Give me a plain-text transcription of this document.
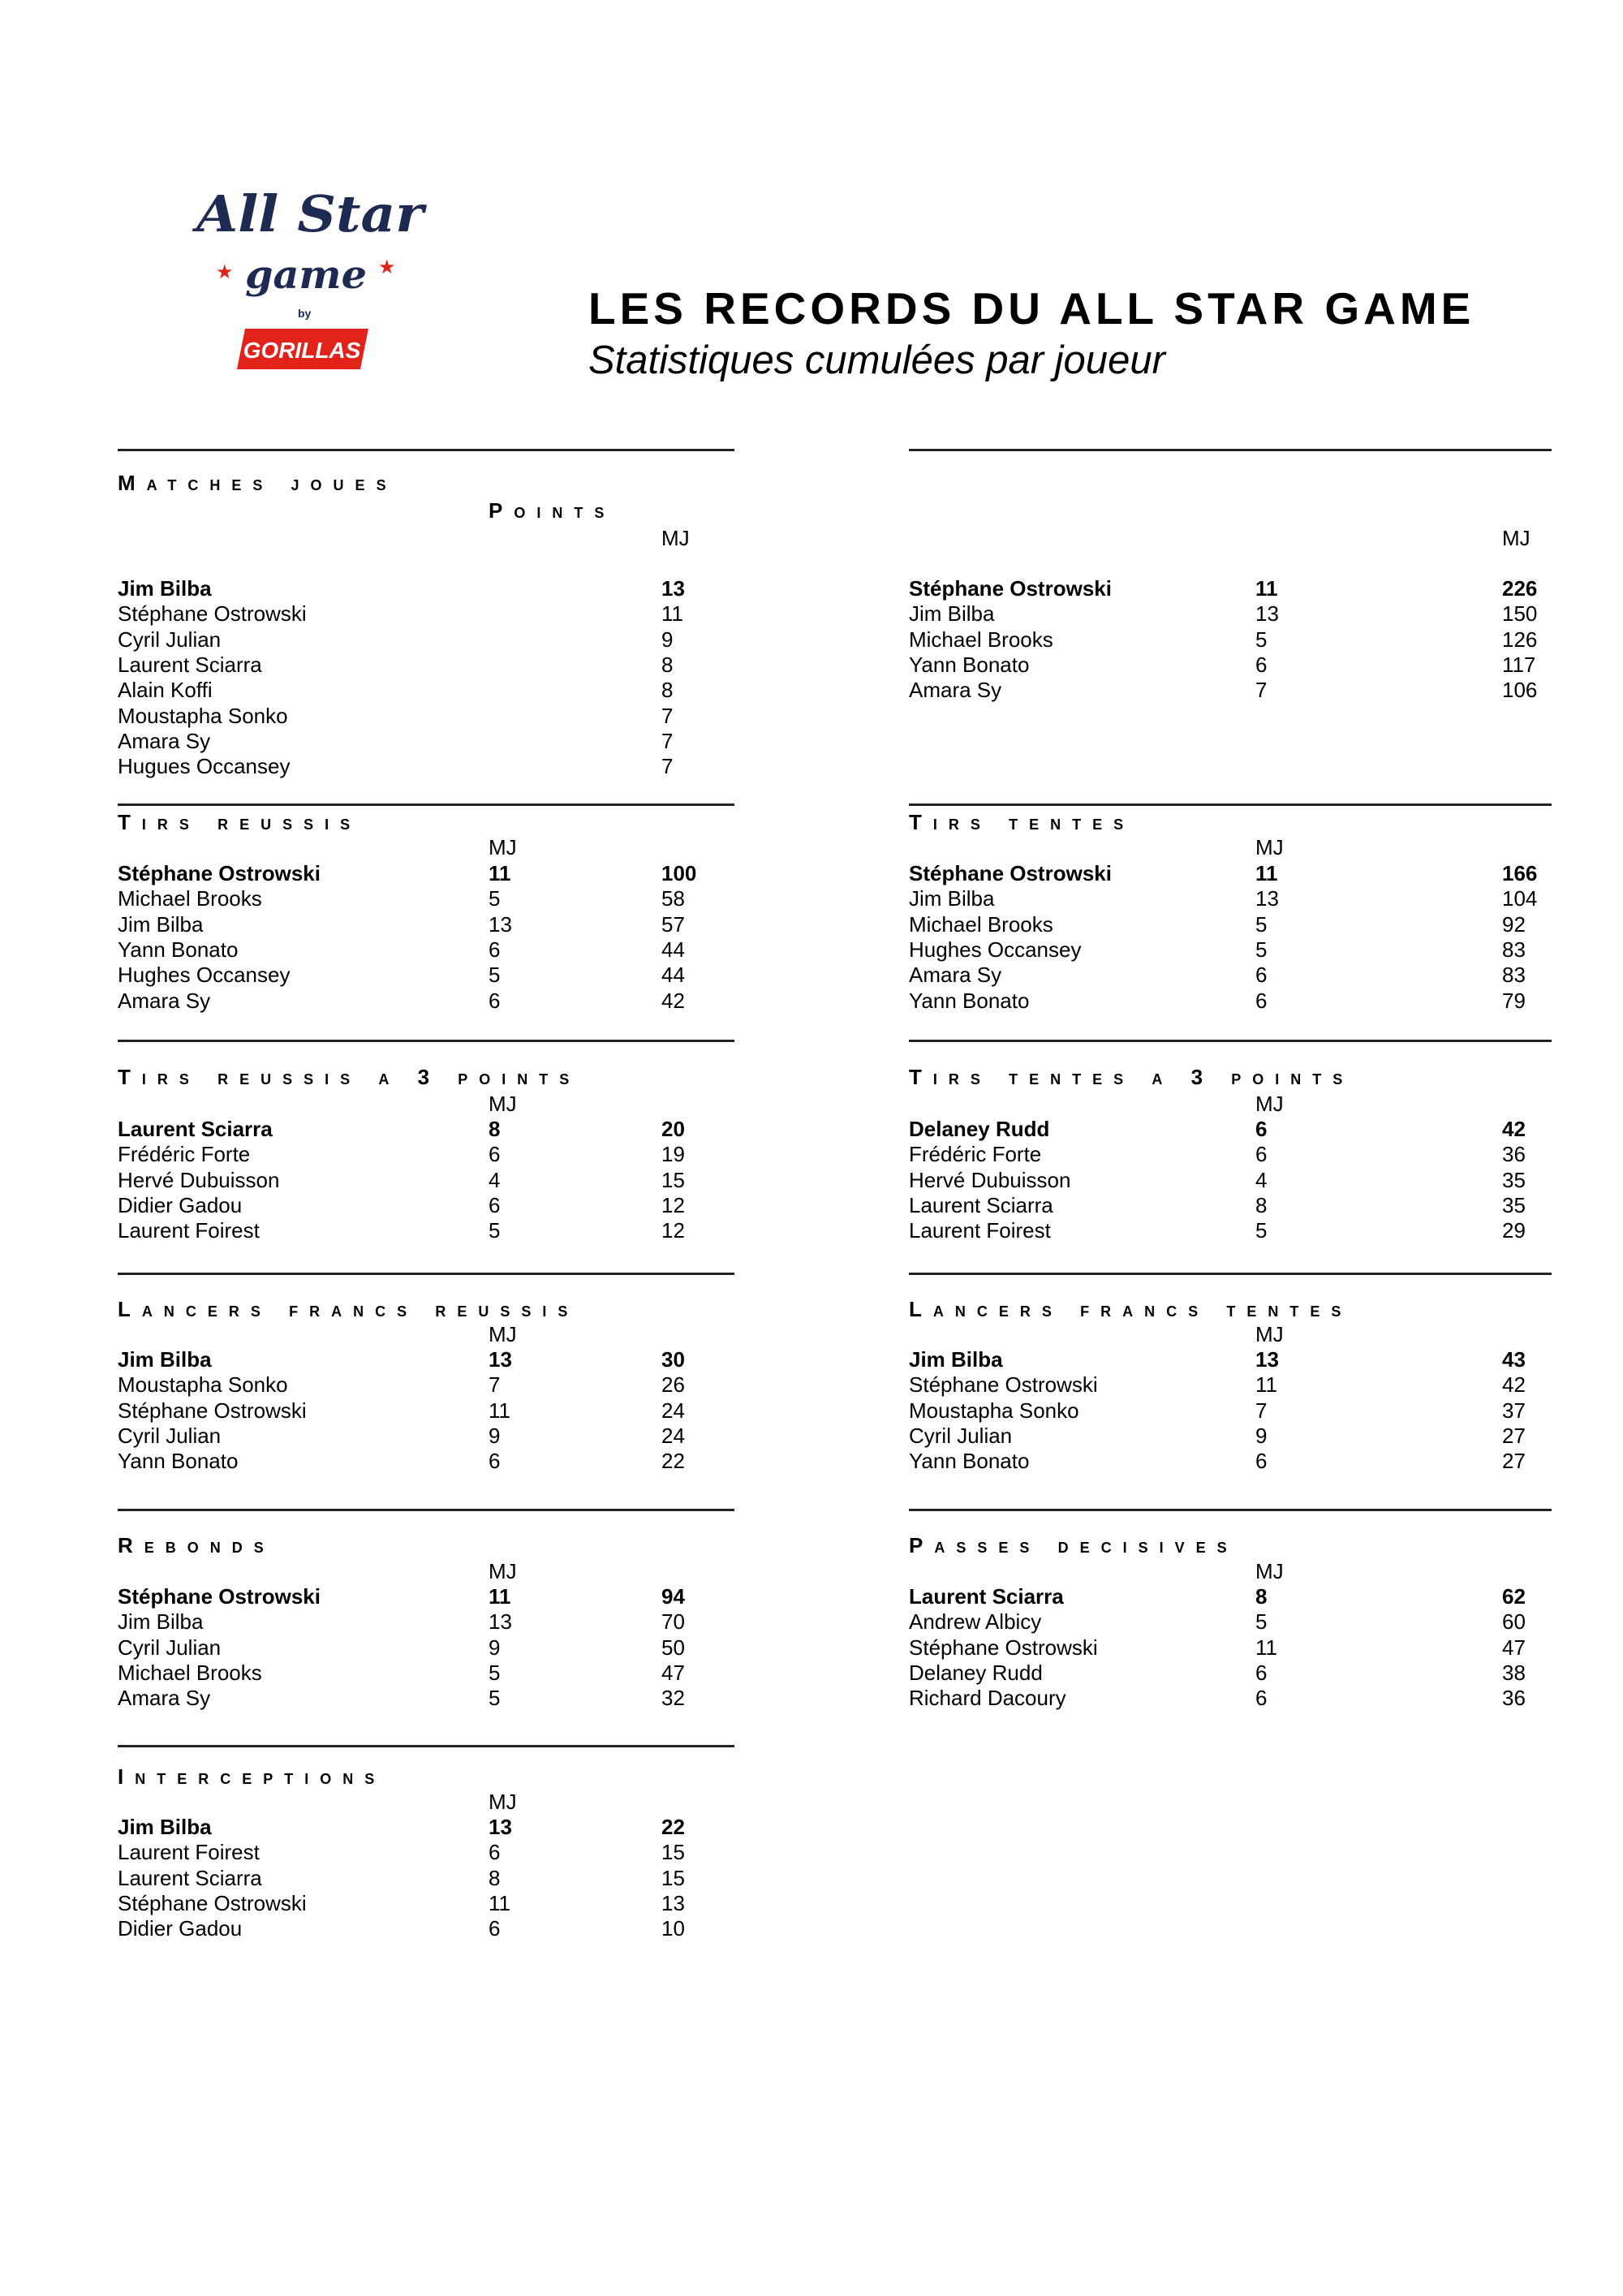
All Star
game
★	★
by
GORILLAS
LES RECORDS DU ALL STAR GAME
Statistiques cumulées par joueur
Points
Matches joues
MJ
Jim Bilba	13
Stéphane Ostrowski	11
Cyril Julian	9
Laurent Sciarra	8
Alain Koffi	8
Moustapha Sonko	7
Amara Sy	7
Hugues Occansey	7
MJ
Stéphane Ostrowski	11	226
Jim Bilba	13	150
Michael Brooks	5	126
Yann Bonato	6	117
Amara Sy	7	106
Tirs reussis
MJ
Stéphane Ostrowski	11	100
Michael Brooks	5	58
Jim Bilba	13	57
Yann Bonato	6	44
Hughes Occansey	5	44
Amara Sy	6	42
Tirs tentes
MJ
Stéphane Ostrowski	11	166
Jim Bilba	13	104
Michael Brooks	5	92
Hughes Occansey	5	83
Amara Sy	6	83
Yann Bonato	6	79
Tirs reussis a 3 points
MJ
Laurent Sciarra	8	20
Frédéric Forte	6	19
Hervé Dubuisson	4	15
Didier Gadou	6	12
Laurent Foirest	5	12
Tirs tentes a 3 points
MJ
Delaney Rudd	6	42
Frédéric Forte	6	36
Hervé Dubuisson	4	35
Laurent Sciarra	8	35
Laurent Foirest	5	29
Lancers francs reussis
MJ
Jim Bilba	13	30
Moustapha Sonko	7	26
Stéphane Ostrowski	11	24
Cyril Julian	9	24
Yann Bonato	6	22
Lancers francs tentes
MJ
Jim Bilba	13	43
Stéphane Ostrowski	11	42
Moustapha Sonko	7	37
Cyril Julian	9	27
Yann Bonato	6	27
Rebonds
MJ
Stéphane Ostrowski	11	94
Jim Bilba	13	70
Cyril Julian	9	50
Michael Brooks	5	47
Amara Sy	5	32
Passes decisives
MJ
Laurent Sciarra	8	62
Andrew Albicy	5	60
Stéphane Ostrowski	11	47
Delaney Rudd	6	38
Richard Dacoury	6	36
Interceptions
MJ
Jim Bilba	13	22
Laurent Foirest	6	15
Laurent Sciarra	8	15
Stéphane Ostrowski	11	13
Didier Gadou	6	10
